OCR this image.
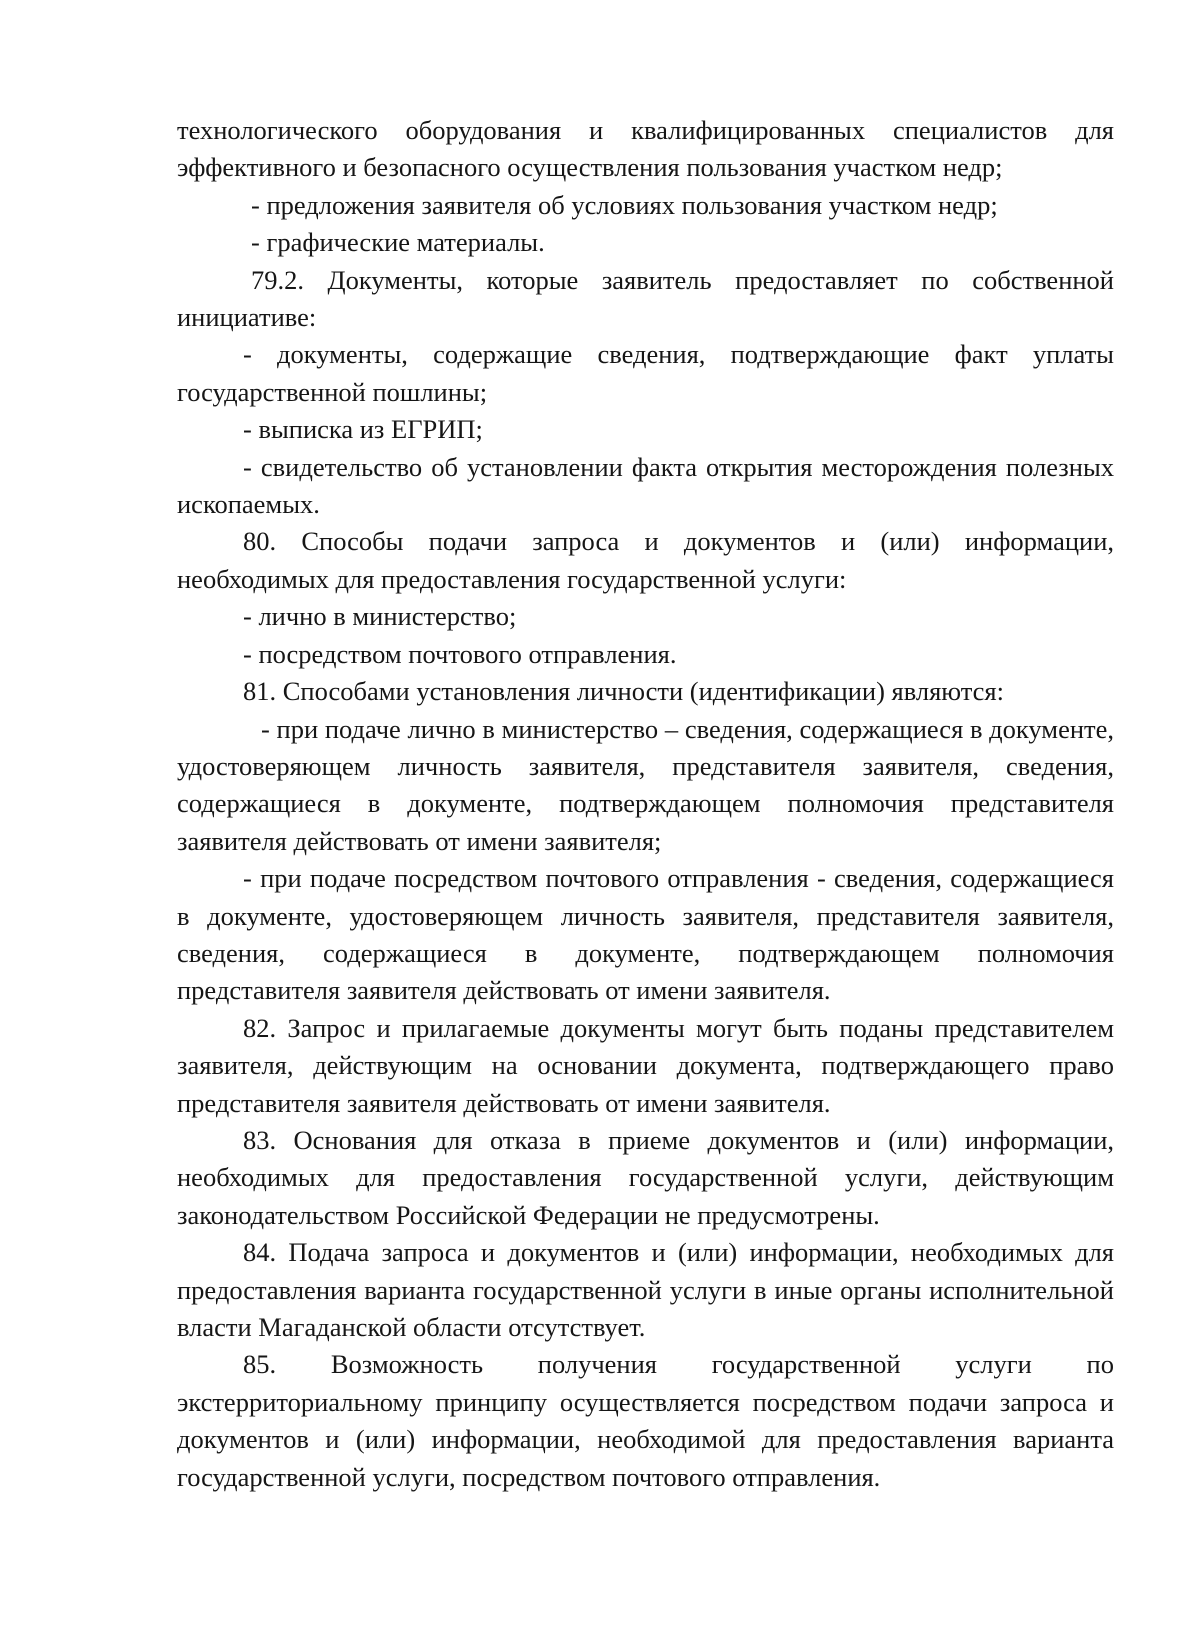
технологического оборудования и квалифицированных специалистов для эффективного и безопасного осуществления пользования участком недр;

- предложения заявителя об условиях пользования участком недр;

- графические материалы.

79.2. Документы, которые заявитель предоставляет по собственной инициативе:

- документы, содержащие сведения, подтверждающие факт уплаты государственной пошлины;

- выписка из ЕГРИП;

- свидетельство об установлении факта открытия месторождения полезных ископаемых.

80. Способы подачи запроса и документов и (или) информации, необходимых для предоставления государственной услуги:

- лично в министерство;

- посредством почтового отправления.

81. Способами установления личности (идентификации) являются:

- при подаче лично в министерство – сведения, содержащиеся в документе, удостоверяющем личность заявителя, представителя заявителя, сведения, содержащиеся в документе, подтверждающем полномочия представителя заявителя действовать от имени заявителя;

- при подаче посредством почтового отправления - сведения, содержащиеся в документе, удостоверяющем личность заявителя, представителя заявителя, сведения, содержащиеся в документе, подтверждающем полномочия представителя заявителя действовать от имени заявителя.

82. Запрос и прилагаемые документы могут быть поданы представителем заявителя, действующим на основании документа, подтверждающего право представителя заявителя действовать от имени заявителя.

83. Основания для отказа в приеме документов и (или) информации, необходимых для предоставления государственной услуги, действующим законодательством Российской Федерации не предусмотрены.

84. Подача запроса и документов и (или) информации, необходимых для предоставления варианта государственной услуги в иные органы исполнительной власти Магаданской области отсутствует.

85. Возможность получения государственной услуги по экстерриториальному принципу осуществляется посредством подачи запроса и документов и (или) информации, необходимой для предоставления варианта государственной услуги, посредством почтового отправления.
